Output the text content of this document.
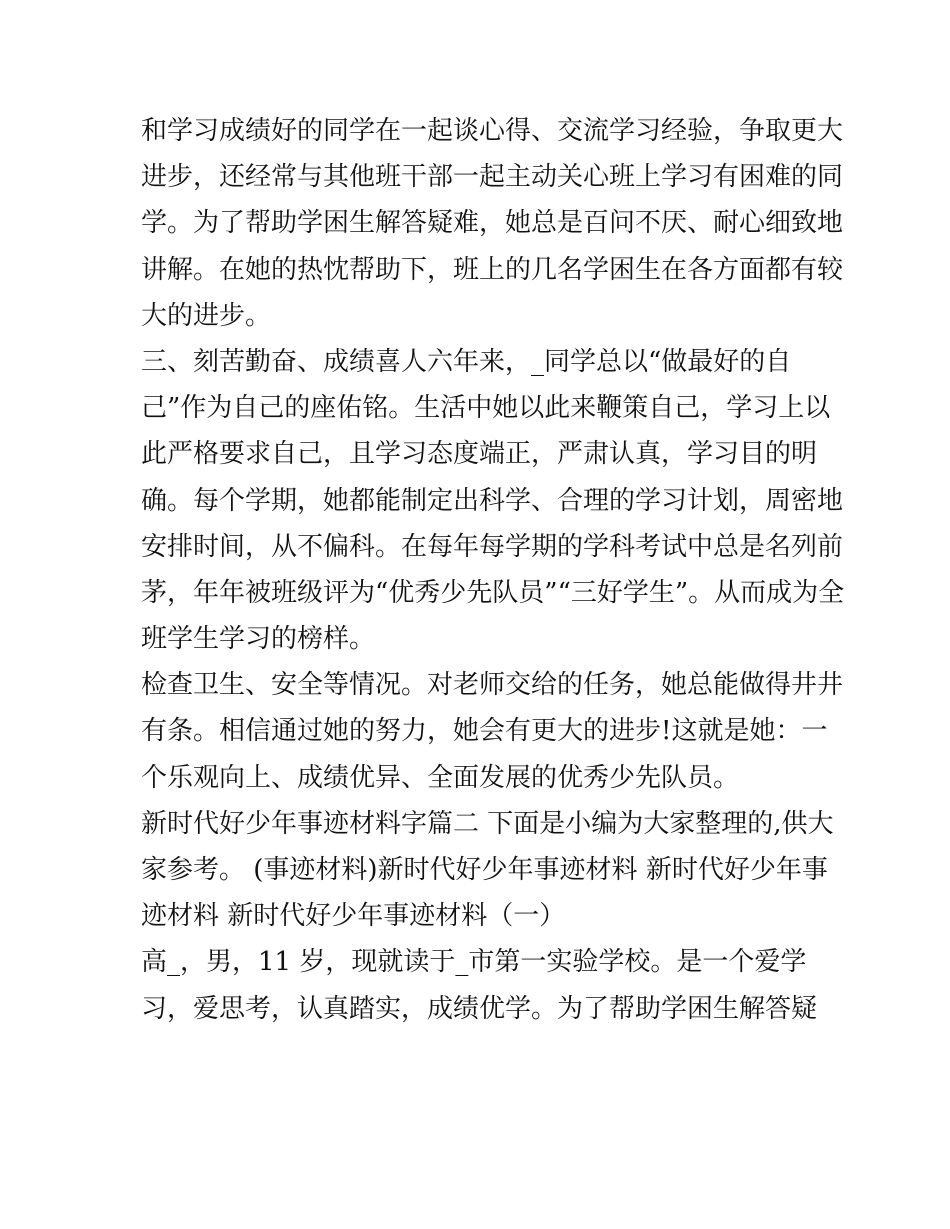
和学习成绩好的同学在一起谈心得、交流学习经验，争取更大
进步，还经常与其他班干部一起主动关心班上学习有困难的同
学。为了帮助学困生解答疑难，她总是百问不厌、耐心细致地
讲解。在她的热忱帮助下，班上的几名学困生在各方面都有较
大的进步。
三、刻苦勤奋、成绩喜人六年来，_同学总以“做最好的自
己”作为自己的座佑铭。生活中她以此来鞭策自己，学习上以
此严格要求自己，且学习态度端正，严肃认真，学习目的明
确。每个学期，她都能制定出科学、合理的学习计划，周密地
安排时间，从不偏科。在每年每学期的学科考试中总是名列前
茅，年年被班级评为“优秀少先队员”“三好学生”。从而成为全
班学生学习的榜样。
检查卫生、安全等情况。对老师交给的任务，她总能做得井井
有条。相信通过她的努力，她会有更大的进步!这就是她：一
个乐观向上、成绩优异、全面发展的优秀少先队员。
新时代好少年事迹材料字篇二 下面是小编为大家整理的,供大
家参考。 (事迹材料)新时代好少年事迹材料 新时代好少年事
迹材料 新时代好少年事迹材料（一）
高_，男，11 岁，现就读于_市第一实验学校。是一个爱学
习，爱思考，认真踏实，成绩优学。为了帮助学困生解答疑
